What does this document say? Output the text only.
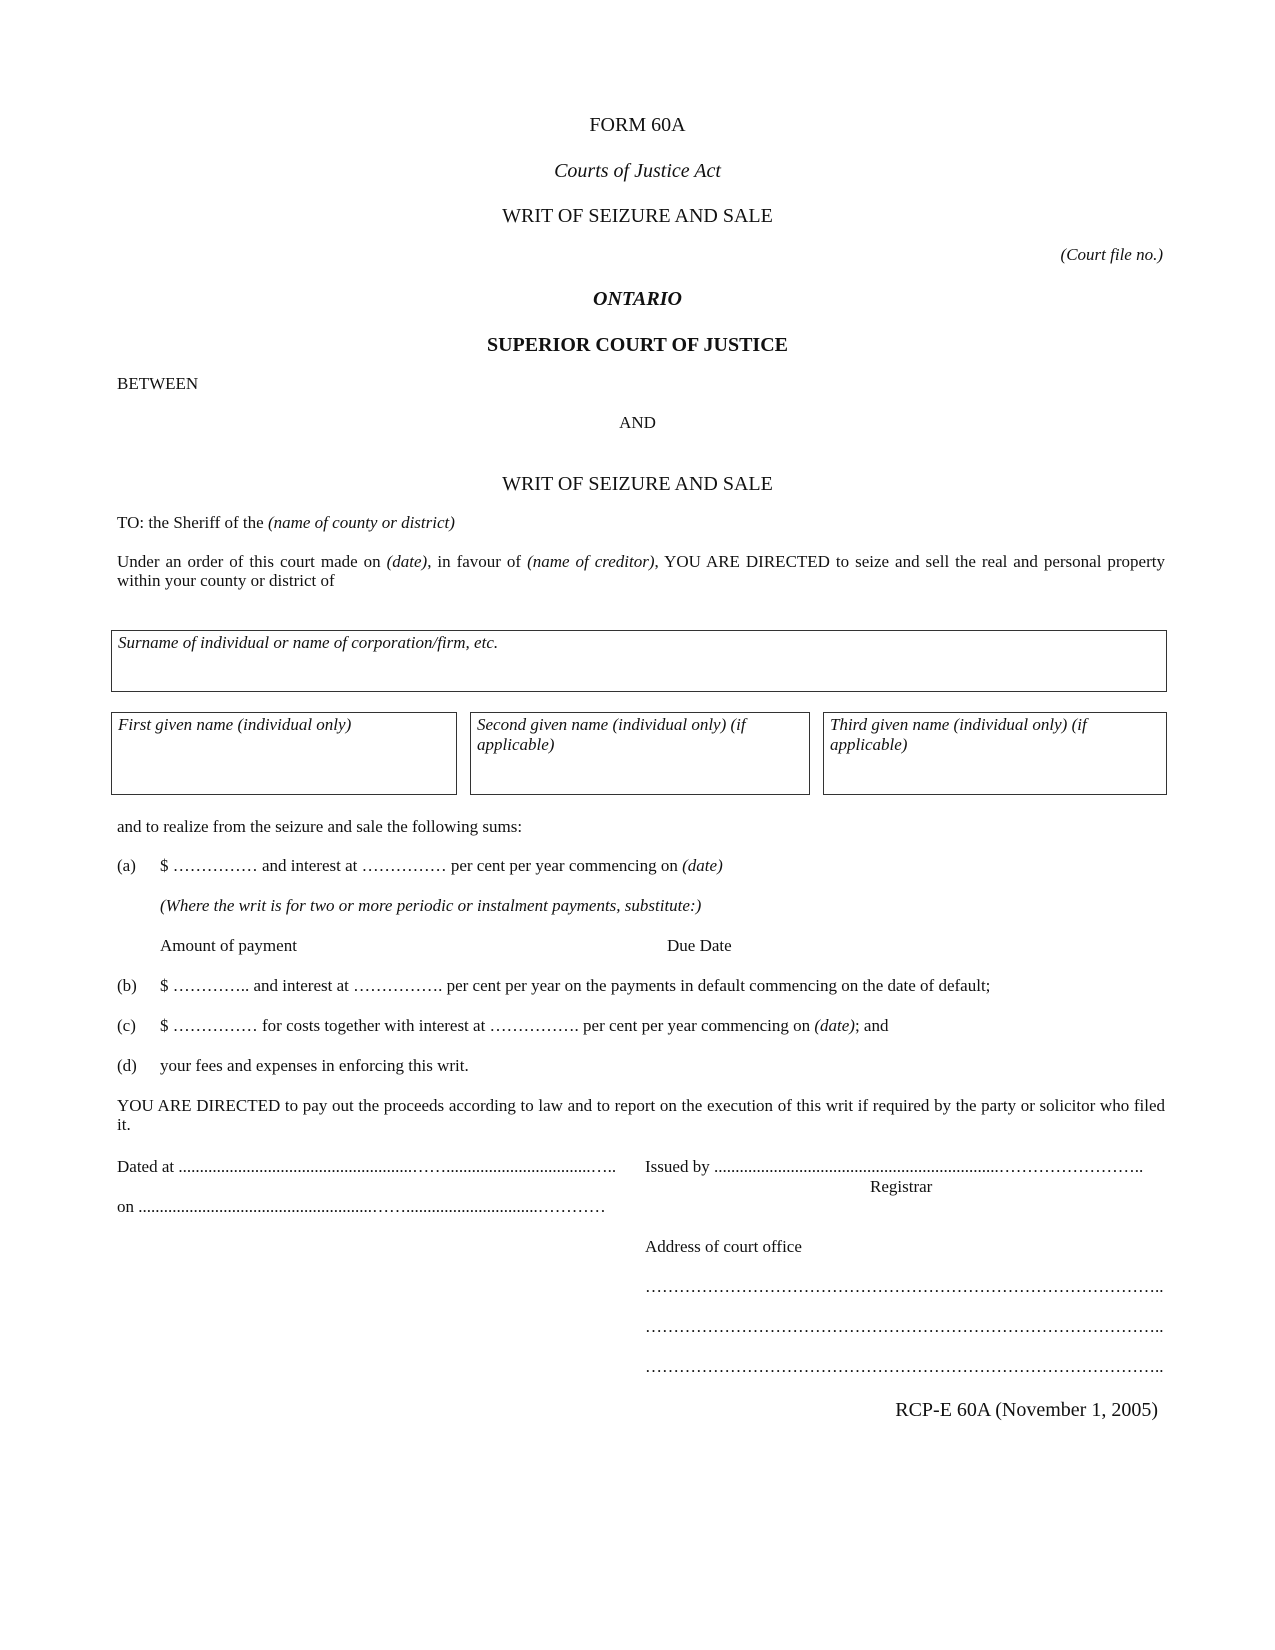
FORM 60A
Courts of Justice Act
WRIT OF SEIZURE AND SALE
(Court file no.)
ONTARIO
SUPERIOR COURT OF JUSTICE
BETWEEN
AND
WRIT OF SEIZURE AND SALE
TO: the Sheriff of the (name of county or district)
Under an order of this court made on (date), in favour of (name of creditor), YOU ARE DIRECTED to seize and sell the real and personal property within your county or district of
Surname of individual or name of corporation/firm, etc.
First given name (individual only)	Second given name (individual only) (if applicable)
Third given name (individual only) (if applicable)
and to realize from the seizure and sale the following sums:
(a) $ …………… and interest at …………… per cent per year commencing on (date)
(Where the writ is for two or more periodic or instalment payments, substitute:)
Amount of payment	Due Date
(b) $ ………….. and interest at ……………. per cent per year on the payments in default commencing on the date of default;
(c) $ …………… for costs together with interest at ……………. per cent per year commencing on (date); and
(d) your fees and expenses in enforcing this writ.
YOU ARE DIRECTED to pay out the proceeds according to law and to report on the execution of this writ if required by the party or solicitor who filed it.
Dated at .......................................................……..................................…..
on .......................................................……...............................…………
Issued by ...................................................................……………………..
Registrar
Address of court office
………………………………………………………………………………..
………………………………………………………………………………..
………………………………………………………………………………..
RCP-E 60A (November 1, 2005)
